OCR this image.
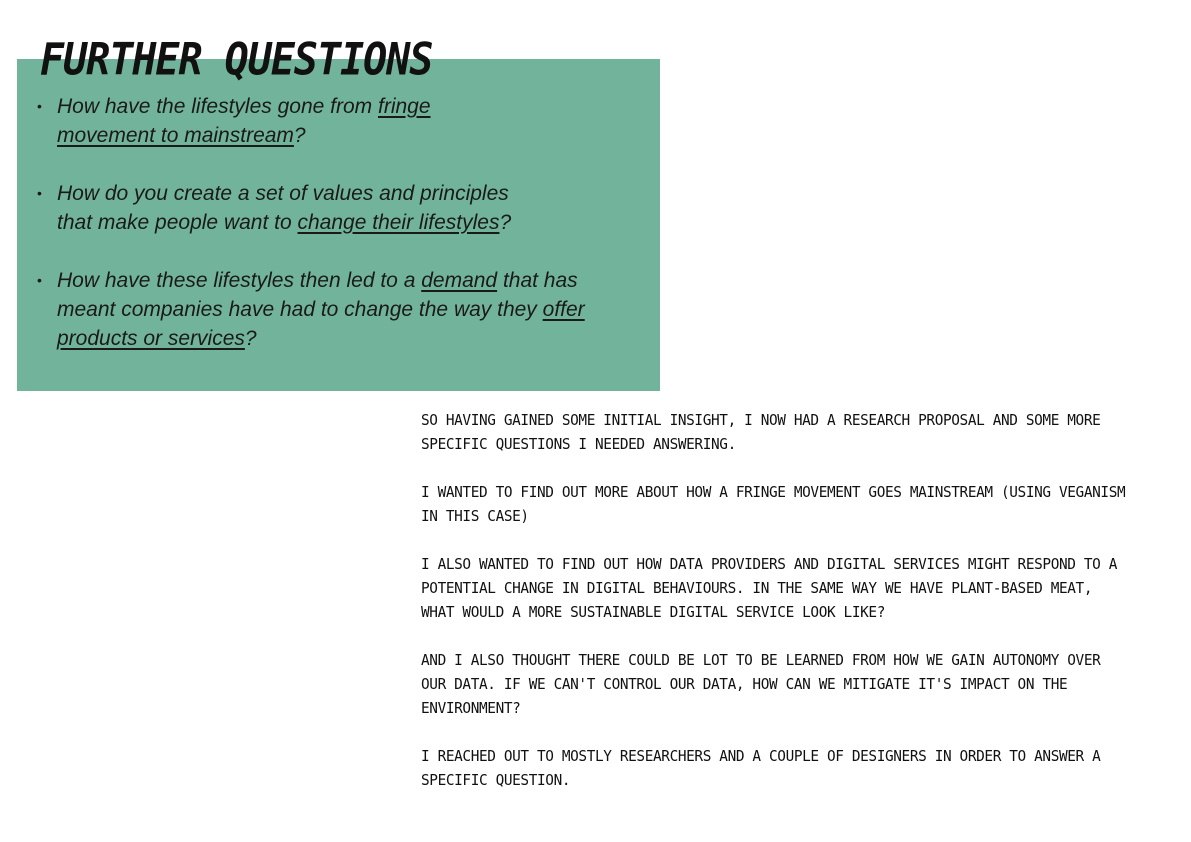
FURTHER QUESTIONS
• How have the lifestyles gone from fringe movement to mainstream?
• How do you create a set of values and principles that make people want to change their lifestyles?
• How have these lifestyles then led to a demand that has meant companies have had to change the way they offer products or services?

SO HAVING GAINED SOME INITIAL INSIGHT, I NOW HAD A RESEARCH PROPOSAL AND SOME MORE SPECIFIC QUESTIONS I NEEDED ANSWERING.

I WANTED TO FIND OUT MORE ABOUT HOW A FRINGE MOVEMENT GOES MAINSTREAM (USING VEGANISM IN THIS CASE)

I ALSO WANTED TO FIND OUT HOW DATA PROVIDERS AND DIGITAL SERVICES MIGHT RESPOND TO A POTENTIAL CHANGE IN DIGITAL BEHAVIOURS. IN THE SAME WAY WE HAVE PLANT-BASED MEAT, WHAT WOULD A MORE SUSTAINABLE DIGITAL SERVICE LOOK LIKE?

AND I ALSO THOUGHT THERE COULD BE LOT TO BE LEARNED FROM HOW WE GAIN AUTONOMY OVER OUR DATA. IF WE CAN'T CONTROL OUR DATA, HOW CAN WE MITIGATE IT'S IMPACT ON THE ENVIRONMENT?

I REACHED OUT TO MOSTLY RESEARCHERS AND A COUPLE OF DESIGNERS IN ORDER TO ANSWER A SPECIFIC QUESTION.
